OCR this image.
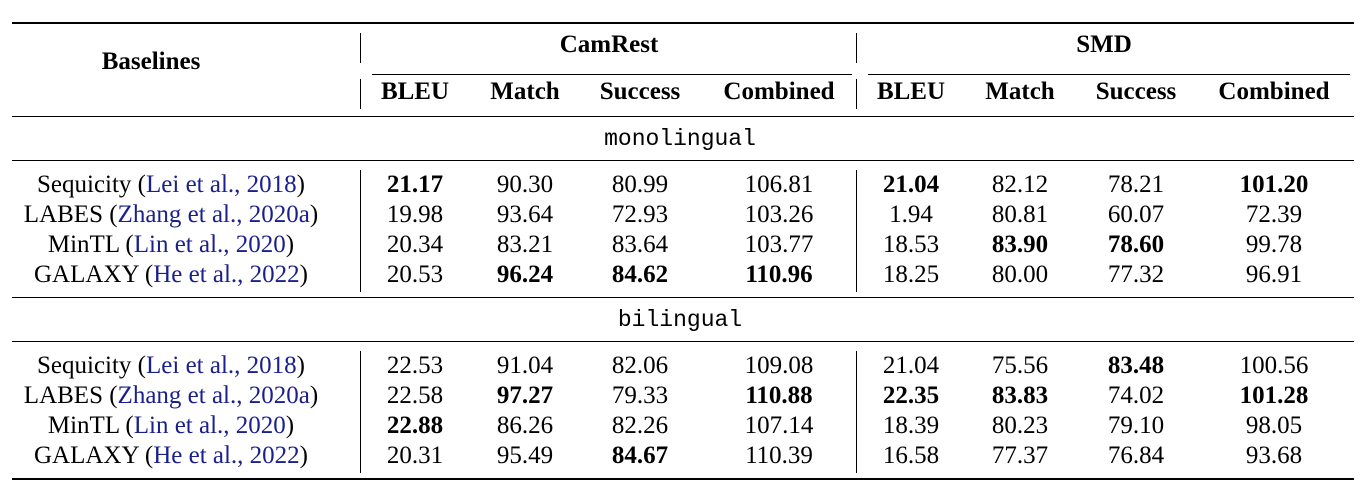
Baselines
CamRest	SMD
BLEU Match Success Combined BLEU Match Success Combined
monolingual
bilingual
Sequicity (Lei et al., 2018)	21.17 90.30 80.99	106.81	21.04 82.12 78.21	101.20
LABES (Zhang et al., 2020a)	19.98 93.64 72.93	103.26	1.94 80.81 60.07	72.39
MinTL (Lin et al., 2020)	20.34 83.21 83.64	103.77	18.53 83.90 78.60	99.78
GALAXY (He et al., 2022)	20.53 96.24 84.62	110.96	18.25 80.00 77.32	96.91
Sequicity (Lei et al., 2018)	22.53 91.04 82.06	109.08	21.04 75.56 83.48	100.56
LABES (Zhang et al., 2020a)	22.58 97.27 79.33	110.88	22.35 83.83 74.02	101.28
MinTL (Lin et al., 2020)	22.88 86.26 82.26	107.14	18.39 80.23 79.10	98.05
GALAXY (He et al., 2022)	20.31 95.49 84.67	110.39	16.58 77.37 76.84	93.68
